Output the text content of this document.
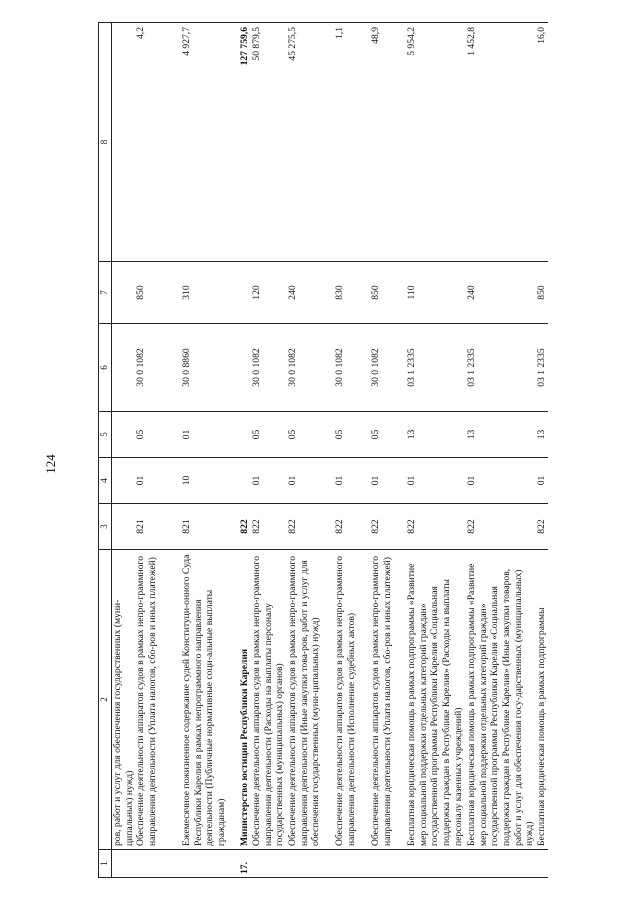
124
1	2	3	4	5	6	7	8
	ров, работ и услуг для обеспечения государственных (муни-ципальных) нужд)						
	Обеспечение деятельности аппаратов судов в рамках непро-граммного направления деятельности (Уплата налогов, сбо-ров и иных платежей)	821	01	05	30 0 1082	850	4,2
	Ежемесячное пожизненное содержание судей Конституци-онного Суда Республики Карелия в рамках непрограммного направления деятельности (Публичные нормативные соци-альные выплаты гражданам)	821	10	01	30 0 8860	310	4 927,7
17.	Министерство юстиции Республики Карелия	822					127 759,6
	Обеспечение деятельности аппаратов судов в рамках непро-граммного направления деятельности (Расходы на выплаты персоналу государственных (муниципальных) органов)	822	01	05	30 0 1082	120	50 879,5
	Обеспечение деятельности аппаратов судов в рамках непро-граммного направления деятельности (Иные закупки това-ров, работ и услуг для обеспечения государственных (муни-ципальных) нужд)	822	01	05	30 0 1082	240	45 275,5
	Обеспечение деятельности аппаратов судов в рамках непро-граммного направления деятельности (Исполнение судебных актов)	822	01	05	30 0 1082	830	1,1
	Обеспечение деятельности аппаратов судов в рамках непро-граммного направления деятельности (Уплата налогов, сбо-ров и иных платежей)	822	01	05	30 0 1082	850	48,9
	Бесплатная юридическая помощь в рамках подпрограммы «Развитие мер социальной поддержки отдельных категорий граждан» государственной программы Республики Карелия «Социальная поддержка граждан в Республике Карелия» (Расходы на выплаты персоналу казенных учреждений)	822	01	13	03 1 2335	110	5 954,2
	Бесплатная юридическая помощь в рамках подпрограммы «Развитие мер социальной поддержки отдельных категорий граждан» государственной программы Республики Карелия «Социальная поддержка граждан в Республике Карелия» (Иные закупки товаров, работ и услуг для обеспечения госу-дарственных (муниципальных) нужд)	822	01	13	03 1 2335	240	1 452,8
	Бесплатная юридическая помощь в рамках подпрограммы	822	01	13	03 1 2335	850	16,0
